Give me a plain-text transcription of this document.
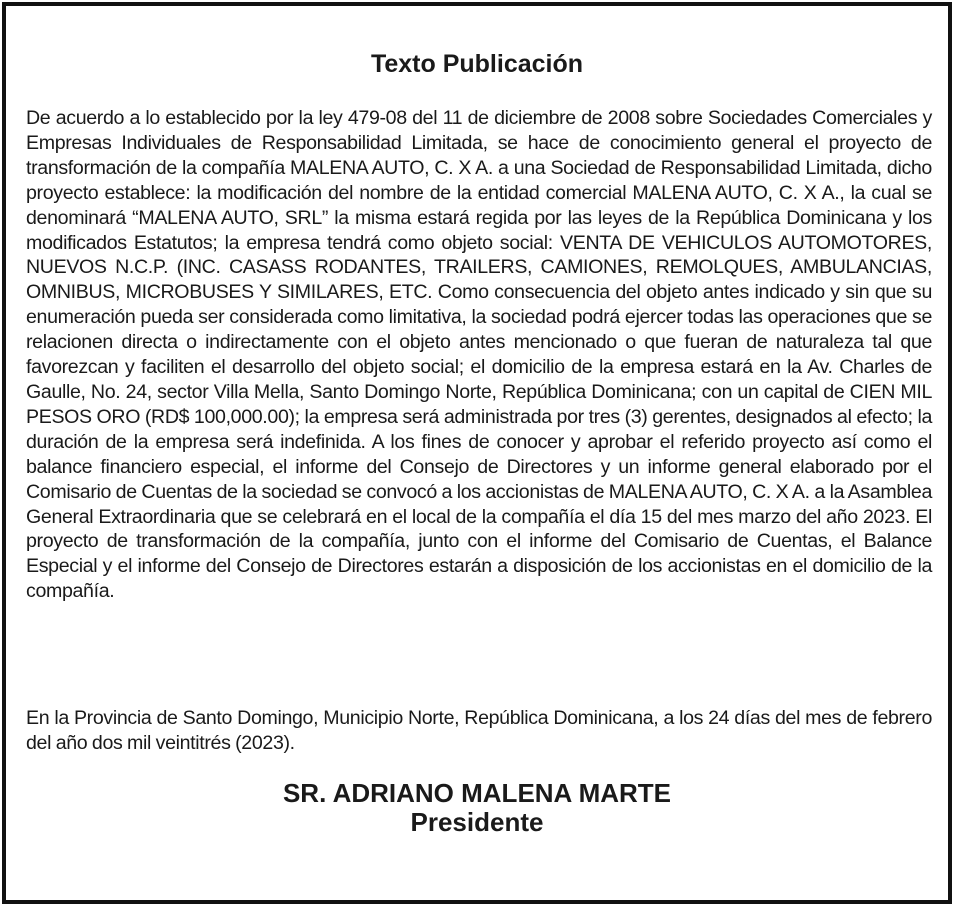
Texto Publicación

De acuerdo a lo establecido por la ley 479-08 del 11 de diciembre de 2008 sobre Sociedades Comerciales y Empresas Individuales de Responsabilidad Limitada, se hace de conocimiento general el proyecto de transformación de la compañía MALENA AUTO, C. X A. a una Sociedad de Responsabilidad Limitada, dicho proyecto establece: la modificación del nombre de la entidad comercial MALENA AUTO, C. X A., la cual se denominará “MALENA AUTO, SRL” la misma estará regida por las leyes de la República Dominicana y los modificados Estatutos; la empresa tendrá como objeto social: VENTA DE VEHICULOS AUTOMOTORES, NUEVOS N.C.P. (INC. CASASS RODANTES, TRAILERS, CAMIONES, REMOLQUES, AMBULANCIAS, OMNIBUS, MICROBUSES Y SIMILARES, ETC. Como consecuencia del objeto antes indicado y sin que su enumeración pueda ser considerada como limitativa, la sociedad podrá ejercer todas las operaciones que se relacionen directa o indirectamente con el objeto antes mencionado o que fueran de naturaleza tal que favorezcan y faciliten el desarrollo del objeto social; el domicilio de la empresa estará en la Av. Charles de Gaulle, No. 24, sector Villa Mella, Santo Domingo Norte, República Dominicana; con un capital de CIEN MIL PESOS ORO (RD$ 100,000.00); la empresa será administrada por tres (3) gerentes, designados al efecto; la duración de la empresa será indefinida. A los fines de conocer y aprobar el referido proyecto así como el balance financiero especial, el informe del Consejo de Directores y un informe general elaborado por el Comisario de Cuentas de la sociedad se convocó a los accionistas de MALENA AUTO, C. X A. a la Asamblea General Extraordinaria que se celebrará en el local de la compañía el día 15 del mes marzo del año 2023. El proyecto de transformación de la compañía, junto con el informe del Comisario de Cuentas, el Balance Especial y el informe del Consejo de Directores estarán a disposición de los accionistas en el domicilio de la compañía.

En la Provincia de Santo Domingo, Municipio Norte, República Dominicana, a los 24 días del mes de febrero del año dos mil veintitrés (2023).

SR. ADRIANO MALENA MARTE
Presidente
